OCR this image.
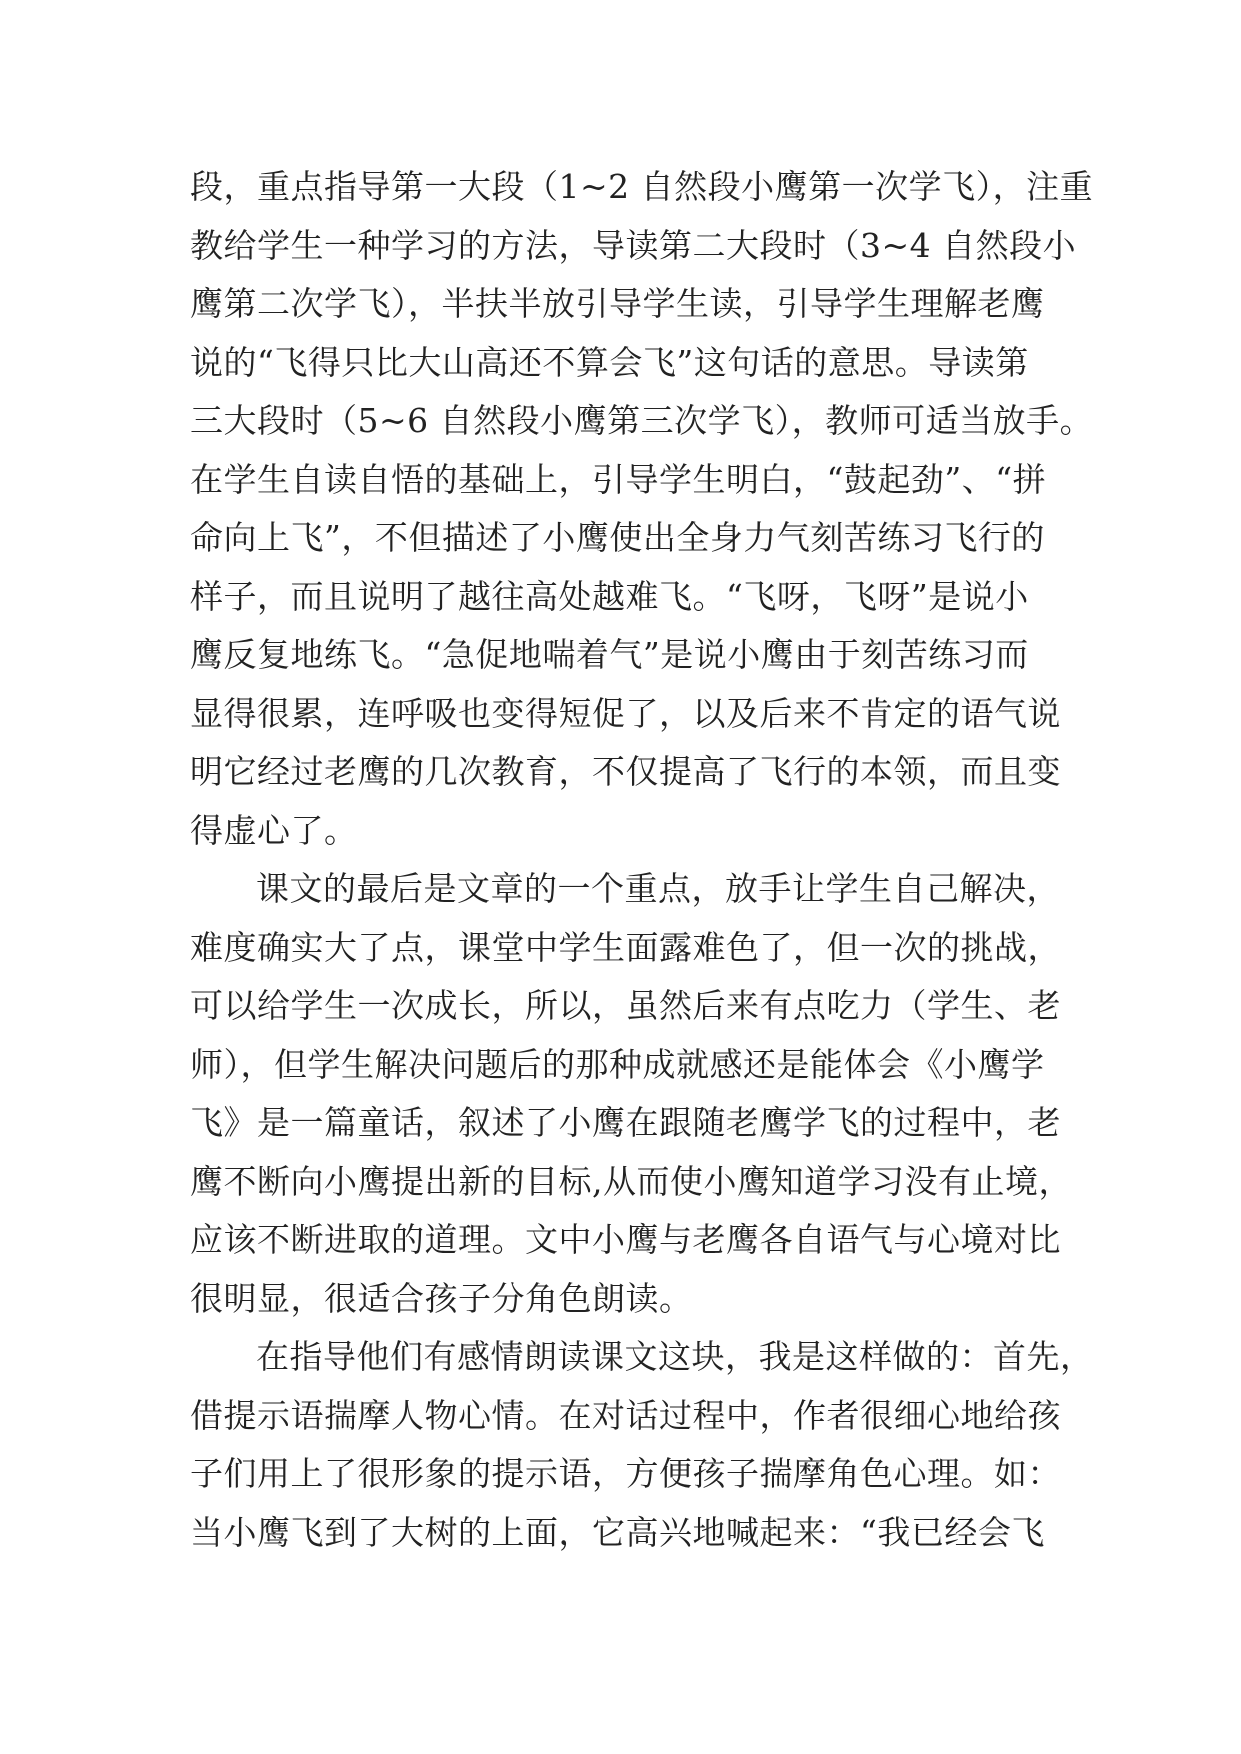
段，重点指导第一大段（1~2 自然段小鹰第一次学飞），注重
教给学生一种学习的方法，导读第二大段时（3~4 自然段小
鹰第二次学飞），半扶半放引导学生读，引导学生理解老鹰
说的“飞得只比大山高还不算会飞”这句话的意思。导读第
三大段时（5~6 自然段小鹰第三次学飞），教师可适当放手。
在学生自读自悟的基础上，引导学生明白，“鼓起劲”、“拼
命向上飞”，不但描述了小鹰使出全身力气刻苦练习飞行的
样子，而且说明了越往高处越难飞。“飞呀，飞呀”是说小
鹰反复地练飞。“急促地喘着气”是说小鹰由于刻苦练习而
显得很累，连呼吸也变得短促了，以及后来不肯定的语气说
明它经过老鹰的几次教育，不仅提高了飞行的本领，而且变
得虚心了。

课文的最后是文章的一个重点，放手让学生自己解决，
难度确实大了点，课堂中学生面露难色了，但一次的挑战，
可以给学生一次成长，所以，虽然后来有点吃力（学生、老
师），但学生解决问题后的那种成就感还是能体会《小鹰学
飞》是一篇童话，叙述了小鹰在跟随老鹰学飞的过程中，老
鹰不断向小鹰提出新的目标,从而使小鹰知道学习没有止境，
应该不断进取的道理。文中小鹰与老鹰各自语气与心境对比
很明显，很适合孩子分角色朗读。

在指导他们有感情朗读课文这块，我是这样做的：首先，
借提示语揣摩人物心情。在对话过程中，作者很细心地给孩
子们用上了很形象的提示语，方便孩子揣摩角色心理。如：
当小鹰飞到了大树的上面，它高兴地喊起来：“我已经会飞
